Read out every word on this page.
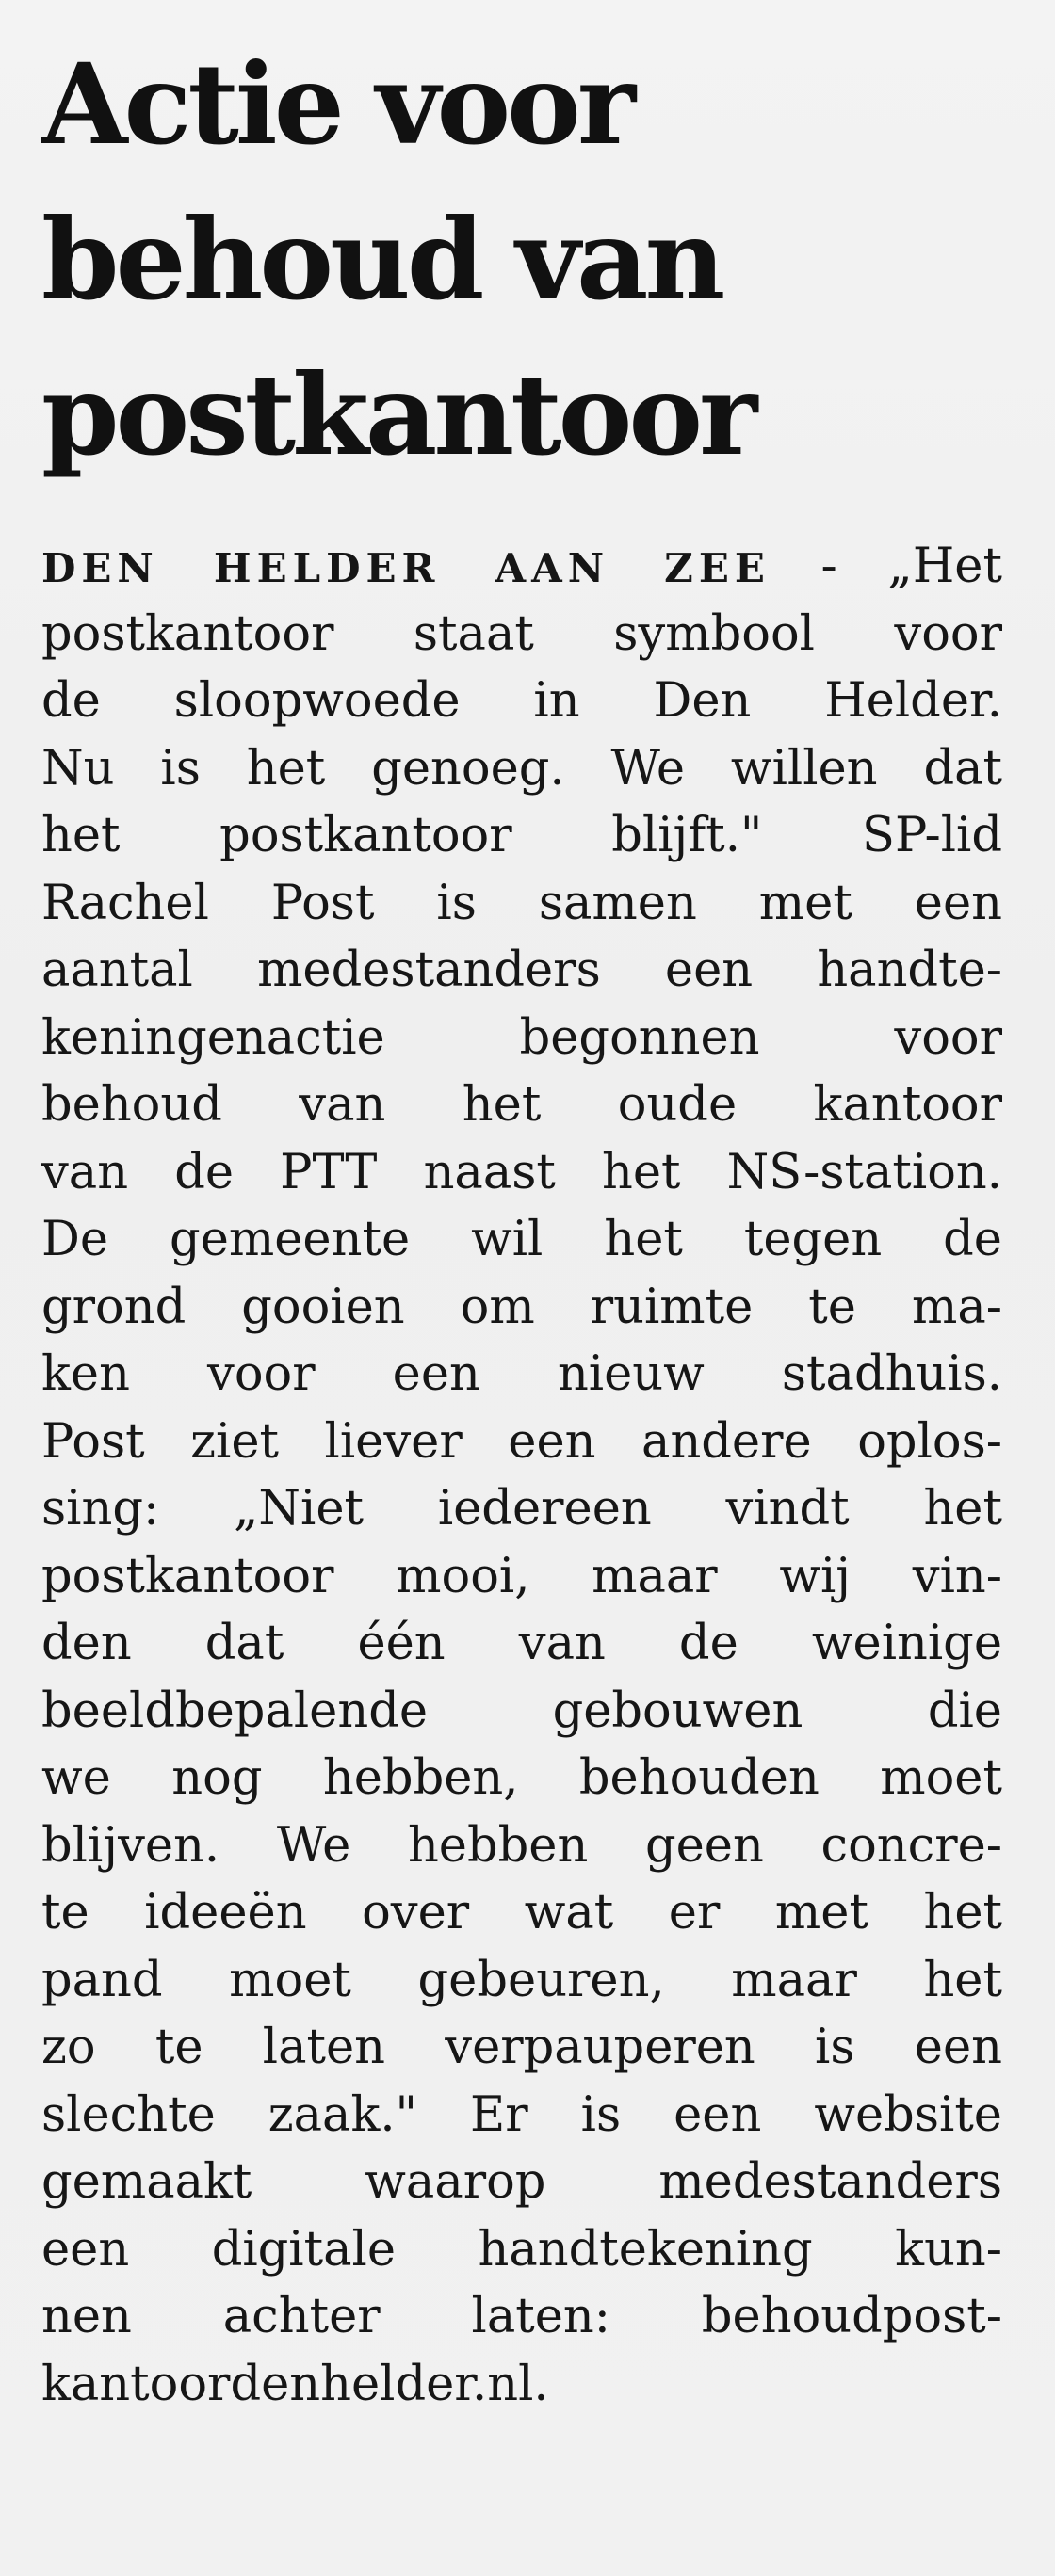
Actie voor
behoud van
postkantoor
DEN HELDER AAN ZEE - „Het
postkantoor staat symbool voor
de sloopwoede in Den Helder.
Nu is het genoeg. We willen dat
het postkantoor blijft." SP-lid
Rachel Post is samen met een
aantal medestanders een handte-
keningenactie begonnen voor
behoud van het oude kantoor
van de PTT naast het NS-station.
De gemeente wil het tegen de
grond gooien om ruimte te ma-
ken voor een nieuw stadhuis.
Post ziet liever een andere oplos-
sing: „Niet iedereen vindt het
postkantoor mooi, maar wij vin-
den dat één van de weinige
beeldbepalende gebouwen die
we nog hebben, behouden moet
blijven. We hebben geen concre-
te ideeën over wat er met het
pand moet gebeuren, maar het
zo te laten verpauperen is een
slechte zaak." Er is een website
gemaakt waarop medestanders
een digitale handtekening kun-
nen achter laten: behoudpost-
kantoordenhelder.nl.
